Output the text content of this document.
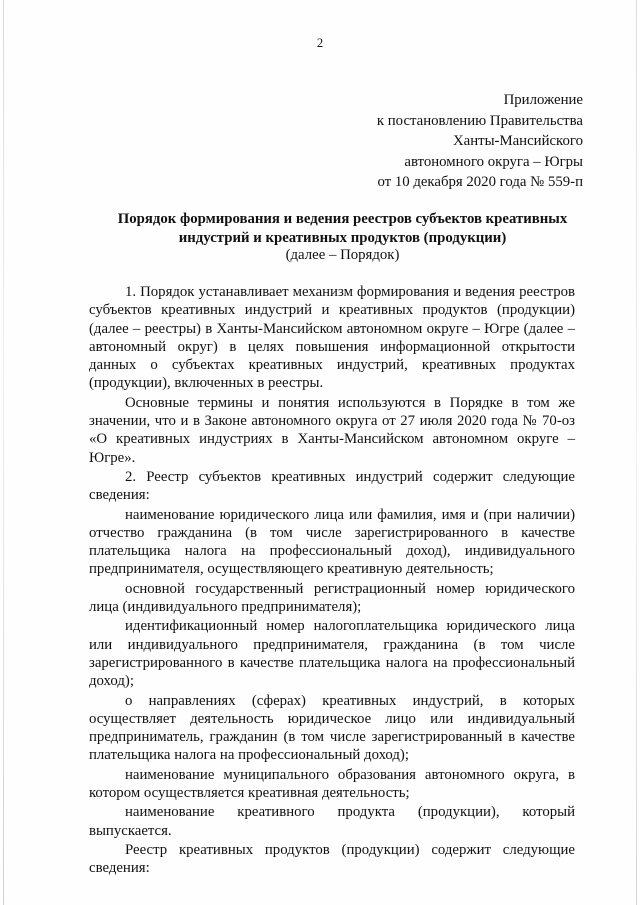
2
Приложение
к постановлению Правительства
Ханты-Мансийского
автономного округа – Югры
от 10 декабря 2020 года № 559-п
Порядок формирования и ведения реестров субъектов креативных
индустрий и креативных продуктов (продукции)
(далее – Порядок)

1. Порядок устанавливает механизм формирования и ведения реестров субъектов креативных индустрий и креативных продуктов (продукции) (далее – реестры) в Ханты-Мансийском автономном округе – Югре (далее – автономный округ) в целях повышения информационной открытости данных о субъектах креативных индустрий, креативных продуктах (продукции), включенных в реестры.

Основные термины и понятия используются в Порядке в том же значении, что и в Законе автономного округа от 27 июля 2020 года № 70-оз «О креативных индустриях в Ханты-Мансийском автономном округе – Югре».

2. Реестр субъектов креативных индустрий содержит следующие сведения:

наименование юридического лица или фамилия, имя и (при наличии) отчество гражданина (в том числе зарегистрированного в качестве плательщика налога на профессиональный доход), индивидуального предпринимателя, осуществляющего креативную деятельность;

основной государственный регистрационный номер юридического лица (индивидуального предпринимателя);

идентификационный номер налогоплательщика юридического лица или индивидуального предпринимателя, гражданина (в том числе зарегистрированного в качестве плательщика налога на профессиональный доход);

о направлениях (сферах) креативных индустрий, в которых осуществляет деятельность юридическое лицо или индивидуальный предприниматель, гражданин (в том числе зарегистрированный в качестве плательщика налога на профессиональный доход);

наименование муниципального образования автономного округа, в котором осуществляется креативная деятельность;

наименование креативного продукта (продукции), который выпускается.

Реестр креативных продуктов (продукции) содержит следующие сведения:
